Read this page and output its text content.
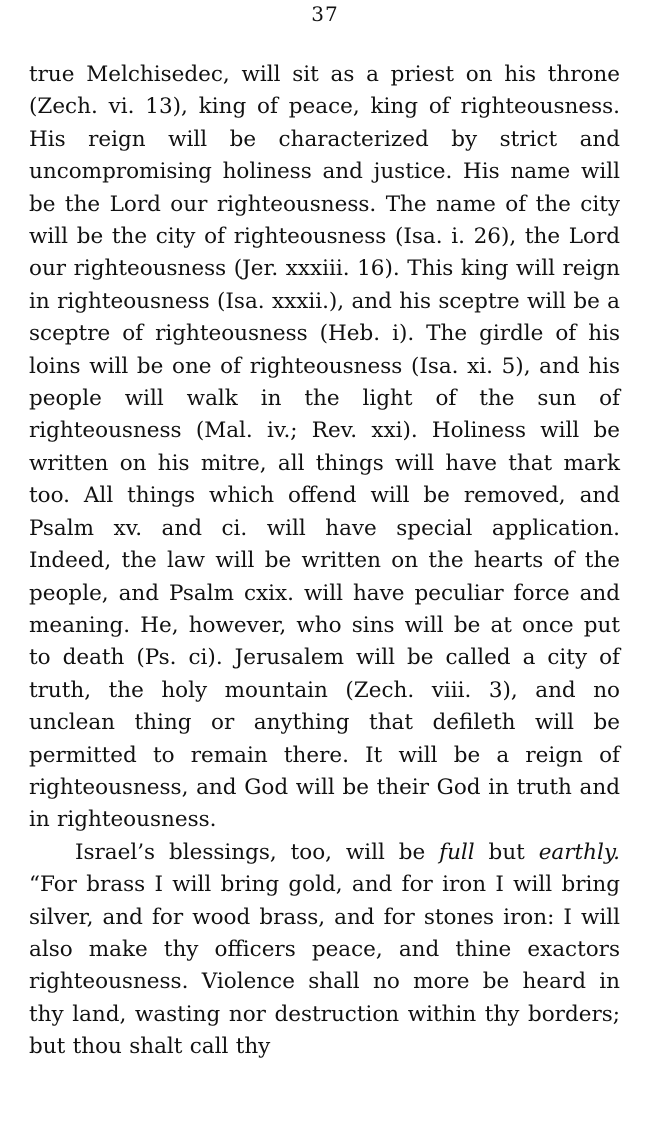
37

true Melchisedec, will sit as a priest on his throne (Zech. vi. 13), king of peace, king of righteousness. His reign will be characterized by strict and uncompromising holiness and justice. His name will be the Lord our righteousness. The name of the city will be the city of righteousness (Isa. i. 26), the Lord our righteousness (Jer. xxxiii. 16). This king will reign in righteousness (Isa. xxxii.), and his sceptre will be a sceptre of righteousness (Heb. i). The girdle of his loins will be one of righteousness (Isa. xi. 5), and his people will walk in the light of the sun of righteousness (Mal. iv.; Rev. xxi). Holiness will be written on his mitre, all things will have that mark too. All things which offend will be removed, and Psalm xv. and ci. will have special application. Indeed, the law will be written on the hearts of the people, and Psalm cxix. will have peculiar force and meaning. He, however, who sins will be at once put to death (Ps. ci). Jerusalem will be called a city of truth, the holy mountain (Zech. viii. 3), and no unclean thing or anything that defileth will be permitted to remain there. It will be a reign of righteousness, and God will be their God in truth and in righteousness.

Israel’s blessings, too, will be full but earthly. “For brass I will bring gold, and for iron I will bring silver, and for wood brass, and for stones iron: I will also make thy officers peace, and thine exactors righteousness. Violence shall no more be heard in thy land, wasting nor destruction within thy borders; but thou shalt call thy
